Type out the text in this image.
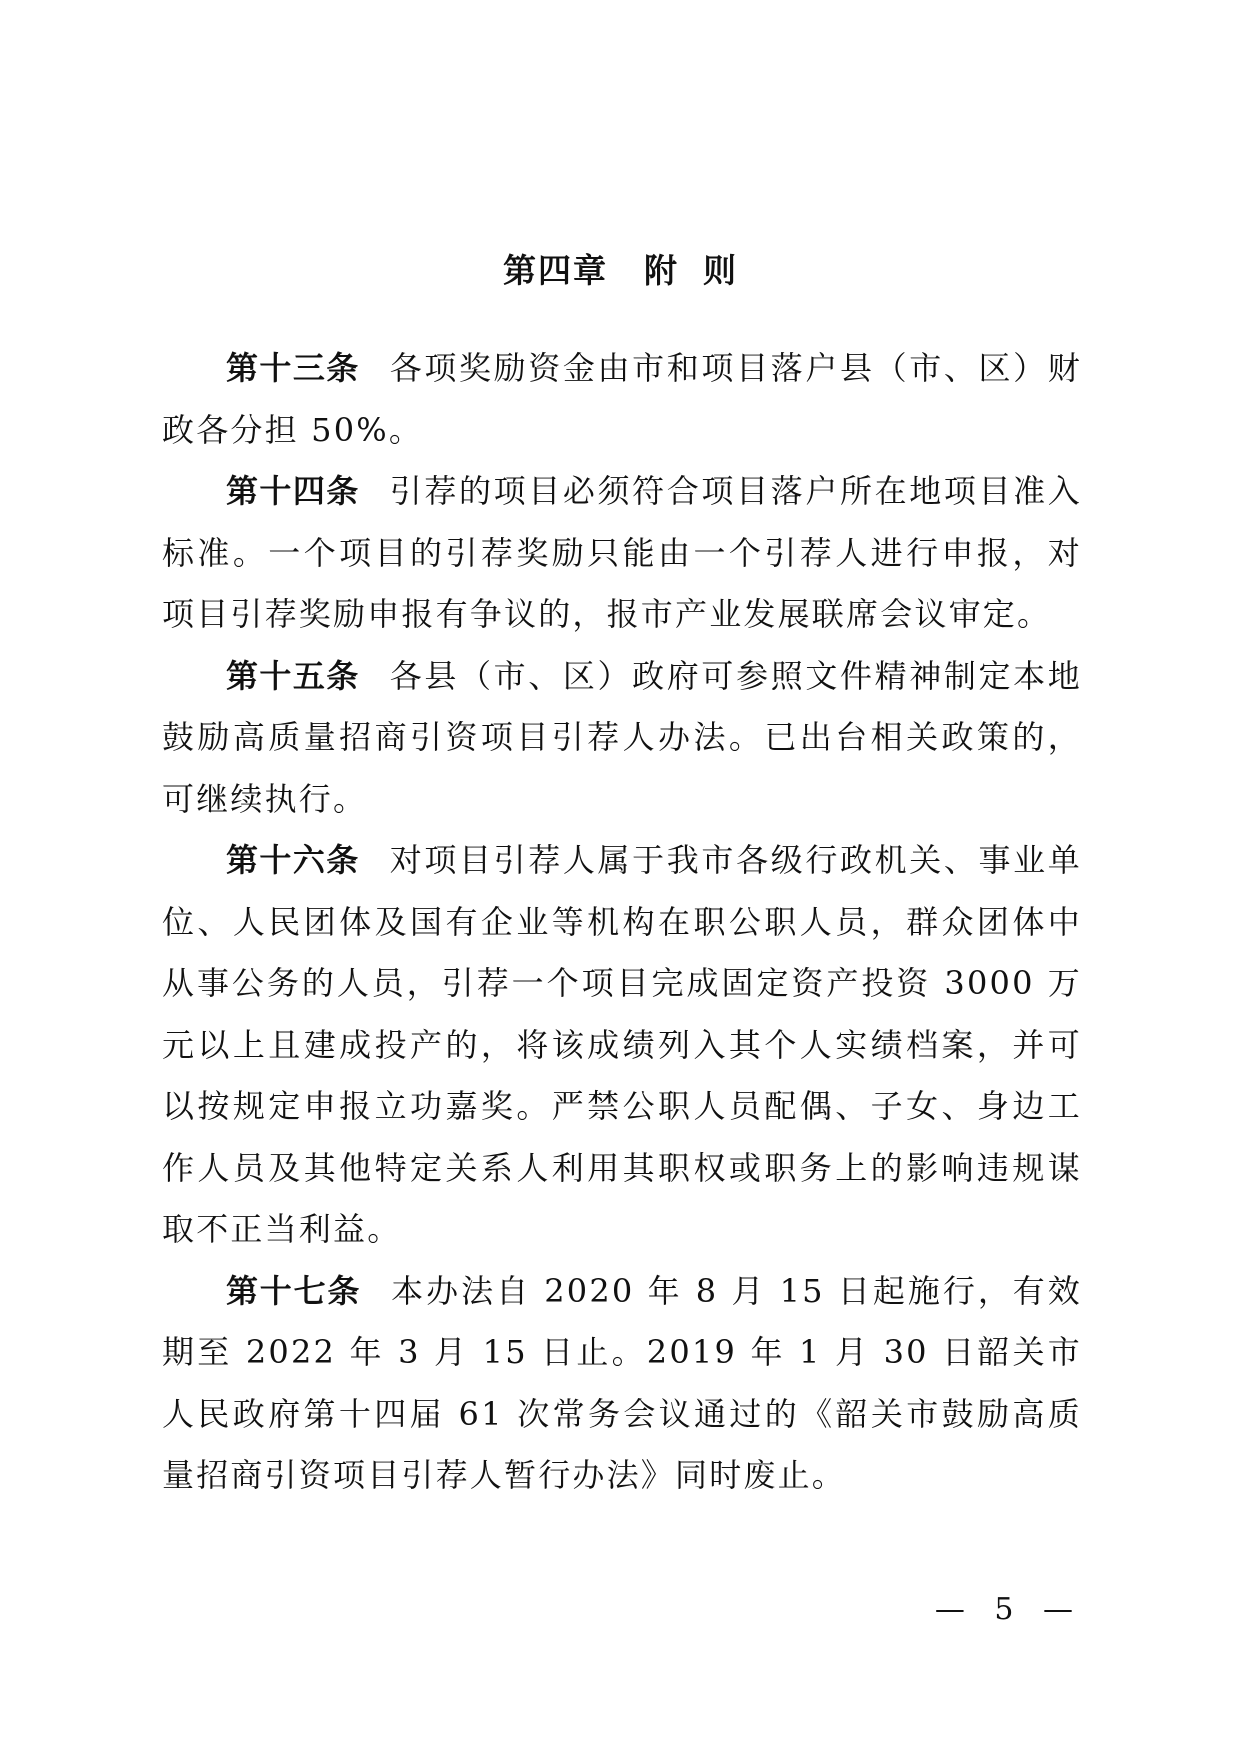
第四章 附 则

第十三条 各项奖励资金由市和项目落户县（市、区）财政各分担 50%。

第十四条 引荐的项目必须符合项目落户所在地项目准入标准。一个项目的引荐奖励只能由一个引荐人进行申报，对项目引荐奖励申报有争议的，报市产业发展联席会议审定。

第十五条 各县（市、区）政府可参照文件精神制定本地鼓励高质量招商引资项目引荐人办法。已出台相关政策的，可继续执行。

第十六条 对项目引荐人属于我市各级行政机关、事业单位、人民团体及国有企业等机构在职公职人员，群众团体中从事公务的人员，引荐一个项目完成固定资产投资 3000 万元以上且建成投产的，将该成绩列入其个人实绩档案，并可以按规定申报立功嘉奖。严禁公职人员配偶、子女、身边工作人员及其他特定关系人利用其职权或职务上的影响违规谋取不正当利益。

第十七条 本办法自 2020 年 8 月 15 日起施行，有效期至 2022 年 3 月 15 日止。2019 年 1 月 30 日韶关市人民政府第十四届 61 次常务会议通过的《韶关市鼓励高质量招商引资项目引荐人暂行办法》同时废止。

— 5 —
